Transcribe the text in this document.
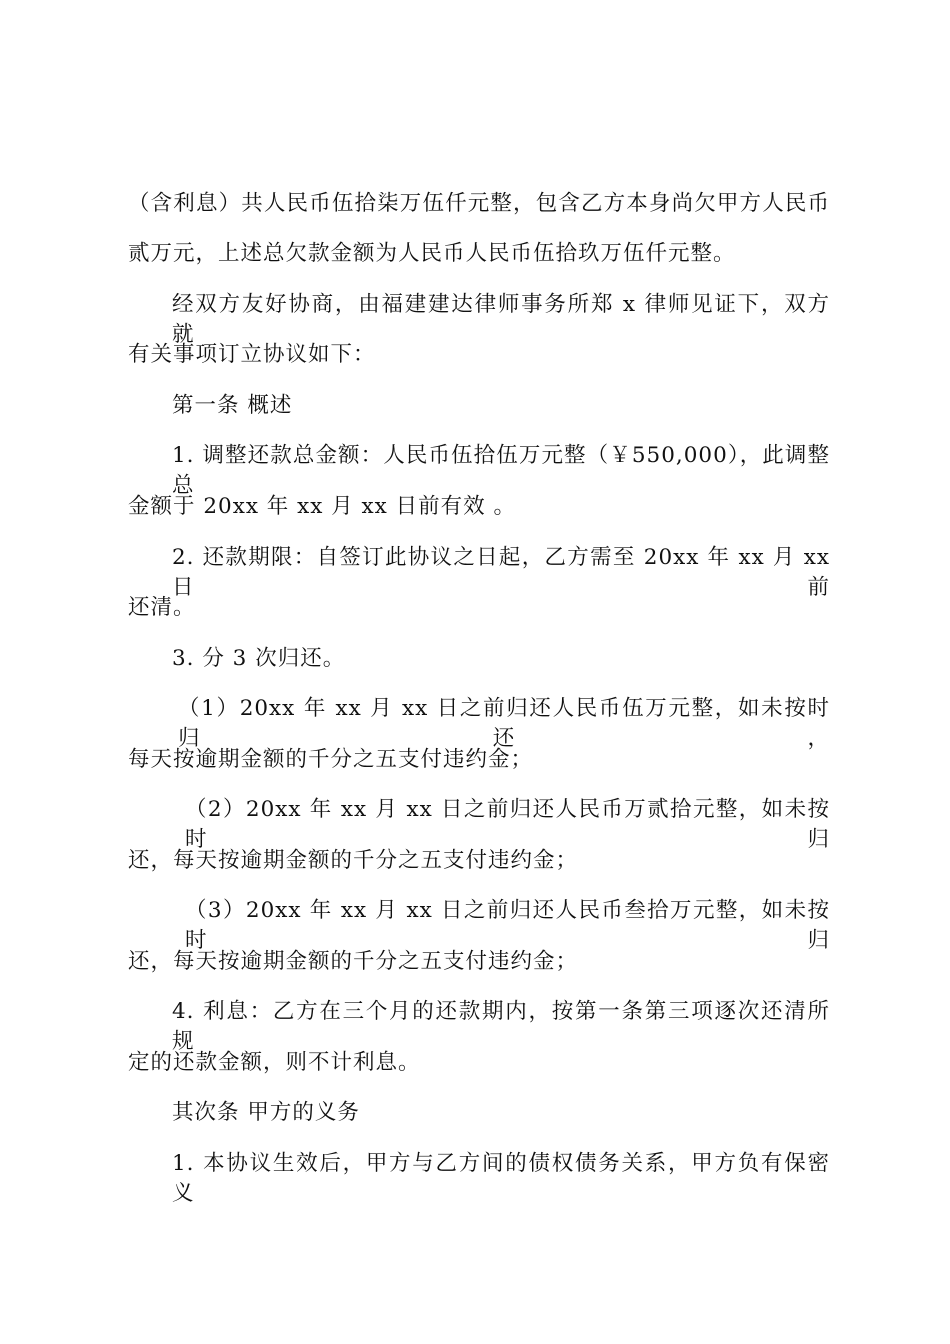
（含利息）共人民币伍拾柒万伍仟元整，包含乙方本身尚欠甲方人民币
贰万元，上述总欠款金额为人民币人民币伍拾玖万伍仟元整。
经双方友好协商，由福建建达律师事务所郑 x 律师见证下，双方就
有关事项订立协议如下：
第一条 概述
1. 调整还款总金额：人民币伍拾伍万元整（￥550,000），此调整总
金额于 20xx 年 xx 月 xx 日前有效 。
2. 还款期限：自签订此协议之日起，乙方需至 20xx 年 xx 月 xx 日前
还清。
3. 分 3 次归还。
（1）20xx 年 xx 月 xx 日之前归还人民币伍万元整，如未按时归还，
每天按逾期金额的千分之五支付违约金；
（2）20xx 年 xx 月 xx 日之前归还人民币万贰拾元整，如未按时归
还，每天按逾期金额的千分之五支付违约金；
（3）20xx 年 xx 月 xx 日之前归还人民币叁拾万元整，如未按时归
还，每天按逾期金额的千分之五支付违约金；
4. 利息：乙方在三个月的还款期内，按第一条第三项逐次还清所规
定的还款金额，则不计利息。
其次条 甲方的义务
1. 本协议生效后，甲方与乙方间的债权债务关系，甲方负有保密义
